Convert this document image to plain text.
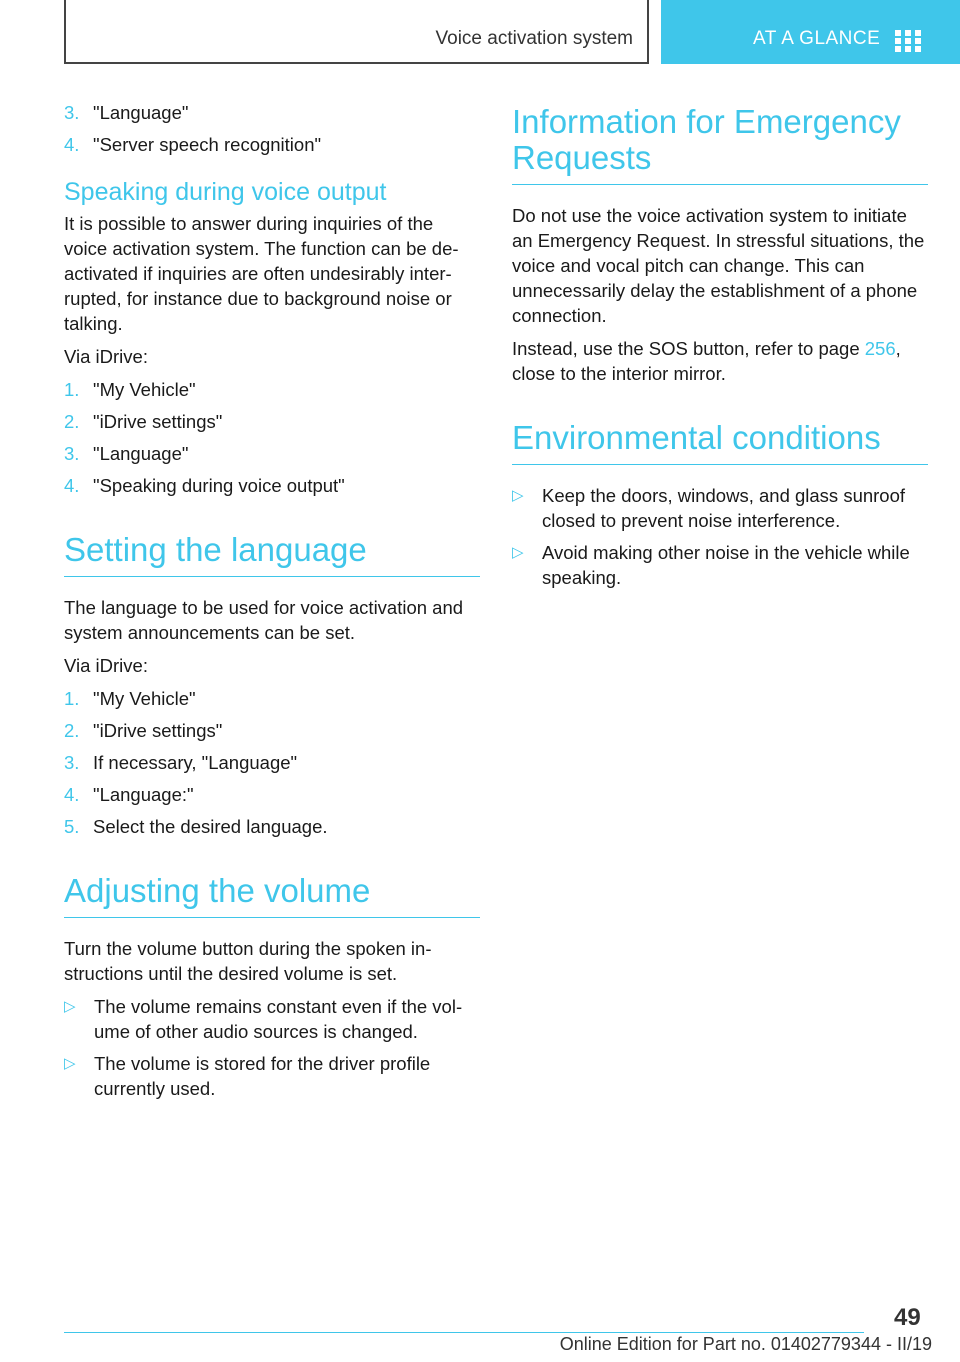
Voice activation system	AT A GLANCE
3. "Language"
4. "Server speech recognition"
Speaking during voice output

It is possible to answer during inquiries of the voice activation system. The function can be deactivated if inquiries are often undesirably interrupted, for instance due to background noise or talking.

Via iDrive:

1. "My Vehicle"
2. "iDrive settings"
3. "Language"
4. "Speaking during voice output"
Setting the language

The language to be used for voice activation and system announcements can be set.

Via iDrive:

1. "My Vehicle"
2. "iDrive settings"
3. If necessary, "Language"
4. "Language:"
5. Select the desired language.
Adjusting the volume

Turn the volume button during the spoken instructions until the desired volume is set.

▷ The volume remains constant even if the volume of other audio sources is changed.
▷ The volume is stored for the driver profile currently used.
Information for Emergency Requests

Do not use the voice activation system to initiate an Emergency Request. In stressful situations, the voice and vocal pitch can change. This can unnecessarily delay the establishment of a phone connection.

Instead, use the SOS button, refer to page 256, close to the interior mirror.

Environmental conditions
▷ Keep the doors, windows, and glass sunroof closed to prevent noise interference.
▷ Avoid making other noise in the vehicle while speaking.
49
Online Edition for Part no. 01402779344 - II/19
